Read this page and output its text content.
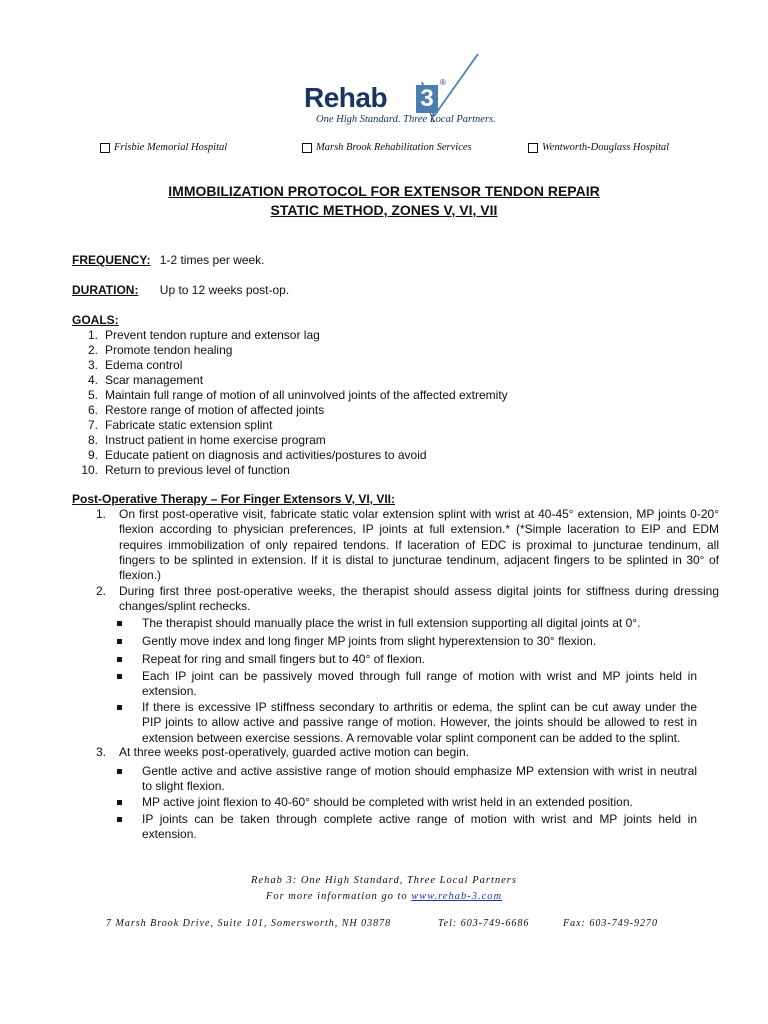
Rehab 3
®
One High Standard. Three Local Partners.
Frisbie Memorial Hospital	Marsh Brook Rehabilitation Services	Wentworth-Douglass Hospital
IMMOBILIZATION PROTOCOL FOR EXTENSOR TENDON REPAIR
STATIC METHOD, ZONES V, VI, VII
FREQUENCY: 1-2 times per week.
DURATION: Up to 12 weeks post-op.
GOALS:
1. Prevent tendon rupture and extensor lag
2. Promote tendon healing
3. Edema control
4. Scar management
5. Maintain full range of motion of all uninvolved joints of the affected extremity
6. Restore range of motion of affected joints
7. Fabricate static extension splint
8. Instruct patient in home exercise program
9. Educate patient on diagnosis and activities/postures to avoid
10. Return to previous level of function
Post-Operative Therapy – For Finger Extensors V, VI, VII:
1. On first post-operative visit, fabricate static volar extension splint with wrist at 40-45° extension, MP joints 0-20° flexion according to physician preferences, IP joints at full extension.* (*Simple laceration to EIP and EDM requires immobilization of only repaired tendons. If laceration of EDC is proximal to juncturae tendinum, all fingers to be splinted in extension. If it is distal to juncturae tendinum, adjacent fingers to be splinted in 30° of flexion.)
2. During first three post-operative weeks, the therapist should assess digital joints for stiffness during dressing changes/splint rechecks.
The therapist should manually place the wrist in full extension supporting all digital joints at 0°.
Gently move index and long finger MP joints from slight hyperextension to 30° flexion.
Repeat for ring and small fingers but to 40° of flexion.
Each IP joint can be passively moved through full range of motion with wrist and MP joints held in extension.
If there is excessive IP stiffness secondary to arthritis or edema, the splint can be cut away under the PIP joints to allow active and passive range of motion. However, the joints should be allowed to rest in extension between exercise sessions. A removable volar splint component can be added to the splint.
3. At three weeks post-operatively, guarded active motion can begin.
Gentle active and active assistive range of motion should emphasize MP extension with wrist in neutral to slight flexion.
MP active joint flexion to 40-60° should be completed with wrist held in an extended position.
IP joints can be taken through complete active range of motion with wrist and MP joints held in extension.
Rehab 3: One High Standard, Three Local Partners
For more information go to www.rehab-3.com
7 Marsh Brook Drive, Suite 101, Somersworth, NH 03878	Tel: 603-749-6686	Fax: 603-749-9270
